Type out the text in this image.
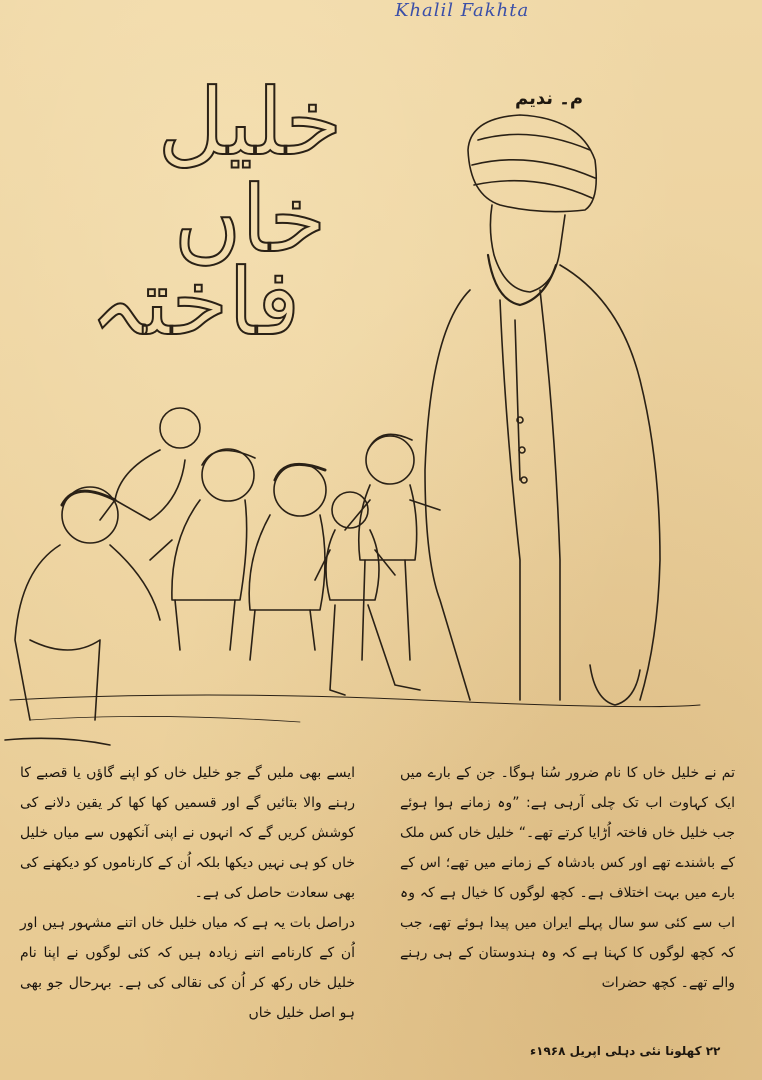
Khalil Fakhta
م۔ ندیم
خلیل خاں
فاختہ

تم نے خلیل خاں کا نام ضرور سُنا ہوگا۔ جن کے بارے میں ایک کہاوت اب تک چلی آرہی ہے: ”وہ زمانے ہوا ہوئے جب خلیل خاں فاختہ اُڑایا کرتے تھے۔“ خلیل خاں کس ملک کے باشندے تھے اور کس بادشاہ کے زمانے میں تھے؛ اس کے بارے میں بہت اختلاف ہے۔ کچھ لوگوں کا خیال ہے کہ وہ اب سے کئی سو سال پہلے ایران میں پیدا ہوئے تھے، جب کہ کچھ لوگوں کا کہنا ہے کہ وہ ہندوستان کے ہی رہنے والے تھے۔ کچھ حضرات

ایسے بھی ملیں گے جو خلیل خاں کو اپنے گاؤں یا قصبے کا رہنے والا بتائیں گے اور قسمیں کھا کھا کر یقین دلانے کی کوشش کریں گے کہ انہوں نے اپنی آنکھوں سے میاں خلیل خاں کو ہی نہیں دیکھا بلکہ اُن کے کارناموں کو دیکھنے کی بھی سعادت حاصل کی ہے۔

دراصل بات یہ ہے کہ میاں خلیل خاں اتنے مشہور ہیں اور اُن کے کارنامے اتنے زیادہ ہیں کہ کئی لوگوں نے اپنا نام خلیل خاں رکھ کر اُن کی نقالی کی ہے۔ بہرحال جو بھی ہو اصل خلیل خاں

۲۲ کھلونا نئی دہلی اپریل ۱۹۶۸ء
